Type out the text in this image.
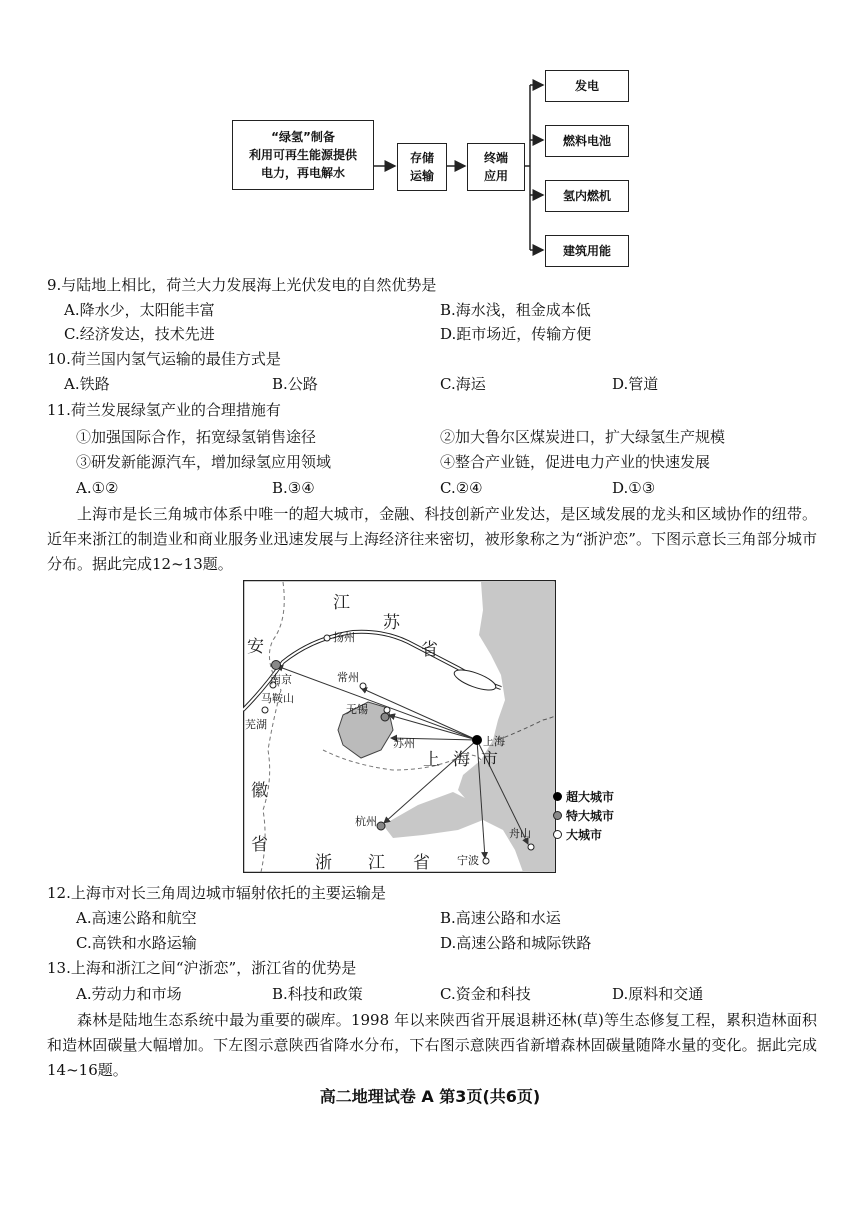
“绿氢”制备
利用可再生能源提供
电力，再电解水
存储
运输
终端
应用
发电
燃料电池
氢内燃机
建筑用能
9.与陆地上相比，荷兰大力发展海上光伏发电的自然优势是
A.降水少，太阳能丰富	B.海水浅，租金成本低
C.经济发达，技术先进	D.距市场近，传输方便
10.荷兰国内氢气运输的最佳方式是
A.铁路	B.公路	C.海运	D.管道
11.荷兰发展绿氢产业的合理措施有
①加强国际合作，拓宽绿氢销售途径	②加大鲁尔区煤炭进口，扩大绿氢生产规模
③研发新能源汽车，增加绿氢应用领域	④整合产业链，促进电力产业的快速发展
A.①②	B.③④	C.②④	D.①③
上海市是长三角城市体系中唯一的超大城市，金融、科技创新产业发达，是区域发展的龙头和区域协作的纽带。近年来浙江的制造业和商业服务业迅速发展与上海经济往来密切，被形象称之为“浙沪恋”。下图示意长三角部分城市分布。据此完成12~13题。
江
苏
省
安
徽
省
浙 江 省
上 海 市
上海
南京
苏州
杭州
扬州
常州
无锡
马鞍山
芜湖
宁波
舟山
超大城市
特大城市
大城市
12.上海市对长三角周边城市辐射依托的主要运输是
A.高速公路和航空	B.高速公路和水运
C.高铁和水路运输	D.高速公路和城际铁路
13.上海和浙江之间“沪浙恋”，浙江省的优势是
A.劳动力和市场	B.科技和政策	C.资金和科技	D.原料和交通
森林是陆地生态系统中最为重要的碳库。1998 年以来陕西省开展退耕还林(草)等生态修复工程，累积造林面积和造林固碳量大幅增加。下左图示意陕西省降水分布，下右图示意陕西省新增森林固碳量随降水量的变化。据此完成14~16题。
高二地理试卷 A 第3页(共6页)
